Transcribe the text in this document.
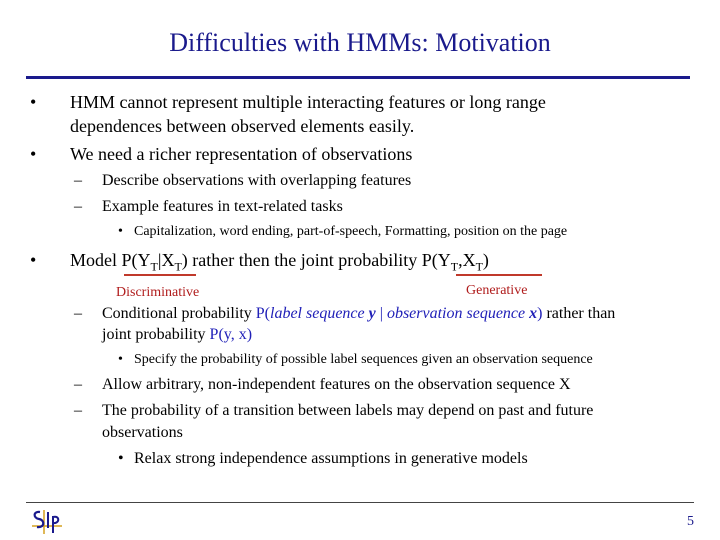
Difficulties with HMMs: Motivation
• HMM cannot represent multiple interacting features or long range
dependences between observed elements easily.
• We need a richer representation of observations
– Describe observations with overlapping features
– Example features in text-related tasks
• Capitalization, word ending, part-of-speech, Formatting, position on the page
• Model $P(Y_T|X_T)$ rather then the joint probability $P(Y_T,X_T)$
Discriminative	Generative
– Conditional probability P(label sequence y | observation sequence x) rather than
joint probability P(y, x)
• Specify the probability of possible label sequences given an observation sequence
– Allow arbitrary, non-independent features on the observation sequence X
– The probability of a transition between labels may depend on past and future
observations
• Relax strong independence assumptions in generative models
5
